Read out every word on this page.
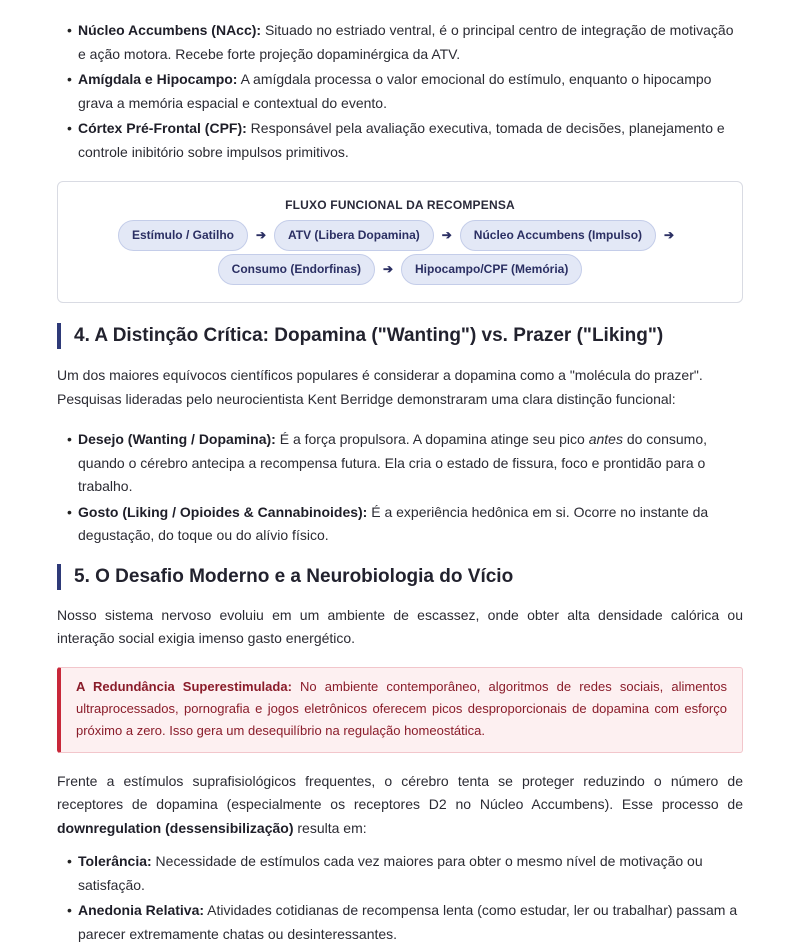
• Núcleo Accumbens (NAcc): Situado no estriado ventral, é o principal centro de integração de motivação e ação motora. Recebe forte projeção dopaminérgica da ATV.
• Amígdala e Hipocampo: A amígdala processa o valor emocional do estímulo, enquanto o hipocampo grava a memória espacial e contextual do evento.
• Córtex Pré-Frontal (CPF): Responsável pela avaliação executiva, tomada de decisões, planejamento e controle inibitório sobre impulsos primitivos.
FLUXO FUNCIONAL DA RECOMPENSA
Estímulo / Gatilho	➔	ATV (Libera Dopamina)	➔	Núcleo Accumbens (Impulso)	➔
Consumo (Endorfinas)	➔	Hipocampo/CPF (Memória)
4. A Distinção Crítica: Dopamina ("Wanting") vs. Prazer ("Liking")

Um dos maiores equívocos científicos populares é considerar a dopamina como a "molécula do prazer". Pesquisas lideradas pelo neurocientista Kent Berridge demonstraram uma clara distinção funcional:

• Desejo (Wanting / Dopamina): É a força propulsora. A dopamina atinge seu pico antes do consumo, quando o cérebro antecipa a recompensa futura. Ela cria o estado de fissura, foco e prontidão para o trabalho.
• Gosto (Liking / Opioides & Cannabinoides): É a experiência hedônica em si. Ocorre no instante da degustação, do toque ou do alívio físico.
5. O Desafio Moderno e a Neurobiologia do Vício

Nosso sistema nervoso evoluiu em um ambiente de escassez, onde obter alta densidade calórica ou interação social exigia imenso gasto energético.

A Redundância Superestimulada: No ambiente contemporâneo, algoritmos de redes sociais, alimentos ultraprocessados, pornografia e jogos eletrônicos oferecem picos desproporcionais de dopamina com esforço próximo a zero. Isso gera um desequilíbrio na regulação homeostática.

Frente a estímulos suprafisiológicos frequentes, o cérebro tenta se proteger reduzindo o número de receptores de dopamina (especialmente os receptores D2 no Núcleo Accumbens). Esse processo de downregulation (dessensibilização) resulta em:

• Tolerância: Necessidade de estímulos cada vez maiores para obter o mesmo nível de motivação ou satisfação.
• Anedonia Relativa: Atividades cotidianas de recompensa lenta (como estudar, ler ou trabalhar) passam a parecer extremamente chatas ou desinteressantes.
